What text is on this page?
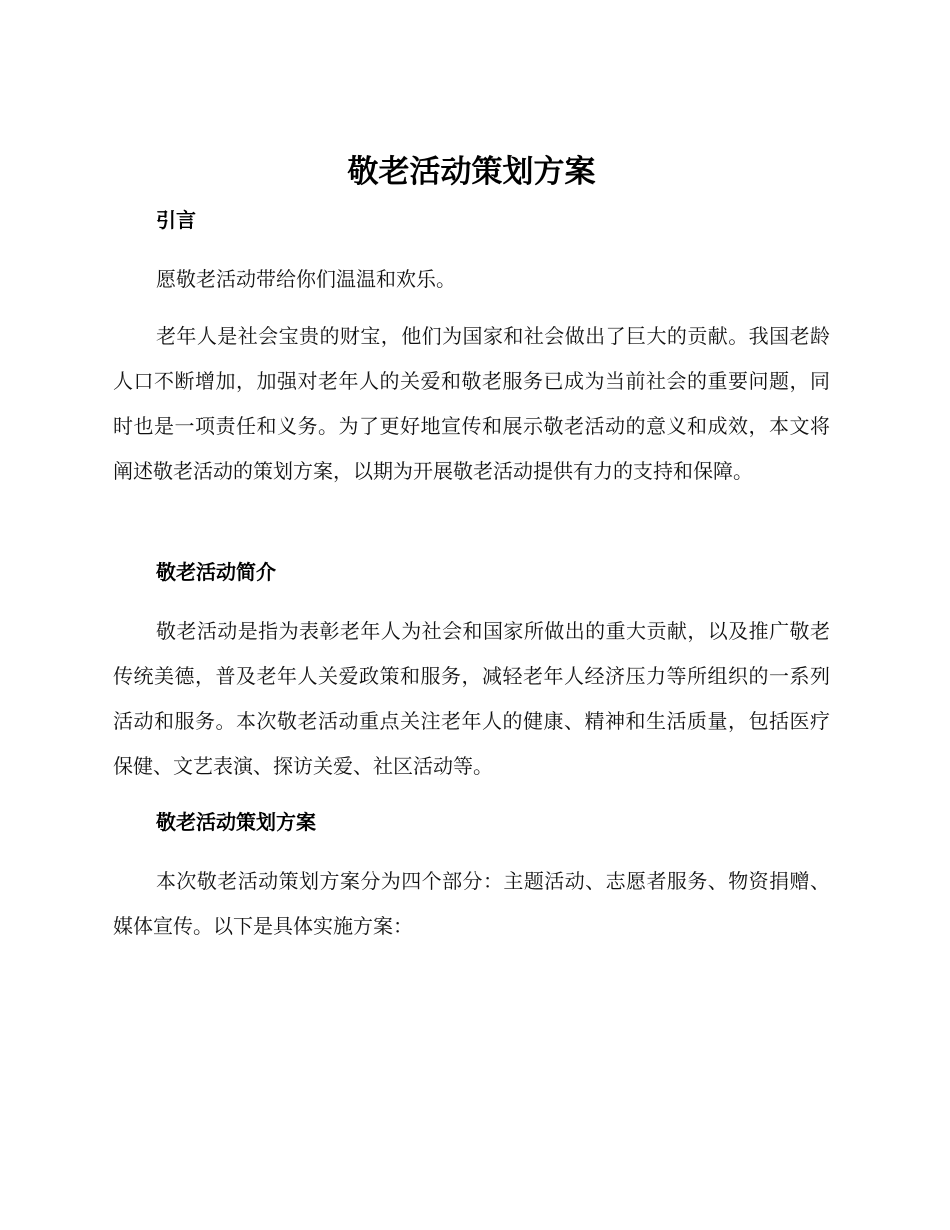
敬老活动策划方案
引言

愿敬老活动带给你们温温和欢乐。

老年人是社会宝贵的财宝，他们为国家和社会做出了巨大的贡献。我国老龄人口不断增加，加强对老年人的关爱和敬老服务已成为当前社会的重要问题，同时也是一项责任和义务。为了更好地宣传和展示敬老活动的意义和成效，本文将阐述敬老活动的策划方案，以期为开展敬老活动提供有力的支持和保障。

敬老活动简介

敬老活动是指为表彰老年人为社会和国家所做出的重大贡献，以及推广敬老传统美德，普及老年人关爱政策和服务，减轻老年人经济压力等所组织的一系列活动和服务。本次敬老活动重点关注老年人的健康、精神和生活质量，包括医疗保健、文艺表演、探访关爱、社区活动等。

敬老活动策划方案

本次敬老活动策划方案分为四个部分：主题活动、志愿者服务、物资捐赠、媒体宣传。以下是具体实施方案：
